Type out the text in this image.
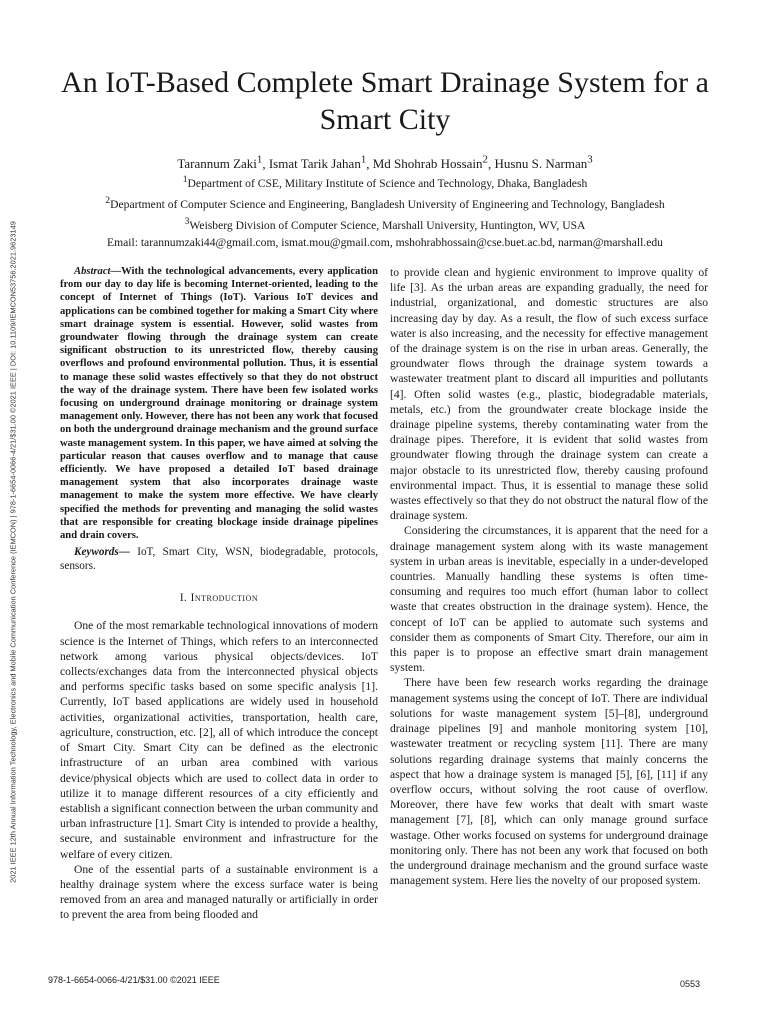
2021 IEEE 12th Annual Information Technology, Electronics and Mobile Communication Conference (IEMCON) | 978-1-6654-0066-4/21/$31.00 ©2021 IEEE | DOI: 10.1109/IEMCON53756.2021.9623149
An IoT-Based Complete Smart Drainage System for a Smart City
Tarannum Zaki$^1$, Ismat Tarik Jahan$^1$, Md Shohrab Hossain$^2$, Husnu S. Narman$^3$
$^1$Department of CSE, Military Institute of Science and Technology, Dhaka, Bangladesh
$^2$Department of Computer Science and Engineering, Bangladesh University of Engineering and Technology, Bangladesh
$^3$Weisberg Division of Computer Science, Marshall University, Huntington, WV, USA
Email: tarannumzaki44@gmail.com, ismat.mou@gmail.com, mshohrabhossain@cse.buet.ac.bd, narman@marshall.edu

Abstract—With the technological advancements, every application from our day to day life is becoming Internet-oriented, leading to the concept of Internet of Things (IoT). Various IoT devices and applications can be combined together for making a Smart City where smart drainage system is essential. However, solid wastes from groundwater flowing through the drainage system can create significant obstruction to its unrestricted flow, thereby causing overflows and profound environmental pollution. Thus, it is essential to manage these solid wastes effectively so that they do not obstruct the way of the drainage system. There have been few isolated works focusing on underground drainage monitoring or drainage system management only. However, there has not been any work that focused on both the underground drainage mechanism and the ground surface waste management system. In this paper, we have aimed at solving the particular reason that causes overflow and to manage that cause efficiently. We have proposed a detailed IoT based drainage management system that also incorporates drainage waste management to make the system more effective. We have clearly specified the methods for preventing and managing the solid wastes that are responsible for creating blockage inside drainage pipelines and drain covers.

Keywords— IoT, Smart City, WSN, biodegradable, protocols, sensors.

I. Introduction

One of the most remarkable technological innovations of modern science is the Internet of Things, which refers to an interconnected network among various physical objects/devices. IoT collects/exchanges data from the interconnected physical objects and performs specific tasks based on some specific analysis [1]. Currently, IoT based applications are widely used in household activities, organizational activities, transportation, health care, agriculture, construction, etc. [2], all of which introduce the concept of Smart City. Smart City can be defined as the electronic infrastructure of an urban area combined with various device/physical objects which are used to collect data in order to utilize it to manage different resources of a city efficiently and establish a significant connection between the urban community and urban infrastructure [1]. Smart City is intended to provide a healthy, secure, and sustainable environment and infrastructure for the welfare of every citizen.

One of the essential parts of a sustainable environment is a healthy drainage system where the excess surface water is being removed from an area and managed naturally or artificially in order to prevent the area from being flooded and

to provide clean and hygienic environment to improve quality of life [3]. As the urban areas are expanding gradually, the need for industrial, organizational, and domestic structures are also increasing day by day. As a result, the flow of such excess surface water is also increasing, and the necessity for effective management of the drainage system is on the rise in urban areas. Generally, the groundwater flows through the drainage system towards a wastewater treatment plant to discard all impurities and pollutants [4]. Often solid wastes (e.g., plastic, biodegradable materials, metals, etc.) from the groundwater create blockage inside the drainage pipeline systems, thereby contaminating water from the drainage pipes. Therefore, it is evident that solid wastes from groundwater flowing through the drainage system can create a major obstacle to its unrestricted flow, thereby causing profound environmental impact. Thus, it is essential to manage these solid wastes effectively so that they do not obstruct the natural flow of the drainage system.

Considering the circumstances, it is apparent that the need for a drainage management system along with its waste management system in urban areas is inevitable, especially in a under-developed countries. Manually handling these systems is often time-consuming and requires too much effort (human labor to collect waste that creates obstruction in the drainage system). Hence, the concept of IoT can be applied to automate such systems and consider them as components of Smart City. Therefore, our aim in this paper is to propose an effective smart drain management system.

There have been few research works regarding the drainage management systems using the concept of IoT. There are individual solutions for waste management system [5]–[8], underground drainage pipelines [9] and manhole monitoring system [10], wastewater treatment or recycling system [11]. There are many solutions regarding drainage systems that mainly concerns the aspect that how a drainage system is managed [5], [6], [11] if any overflow occurs, without solving the root cause of overflow. Moreover, there have few works that dealt with smart waste management [7], [8], which can only manage ground surface wastage. Other works focused on systems for underground drainage monitoring only. There has not been any work that focused on both the underground drainage mechanism and the ground surface waste management system. Here lies the novelty of our proposed system.

978-1-6654-0066-4/21/$31.00 ©2021 IEEE	0553
